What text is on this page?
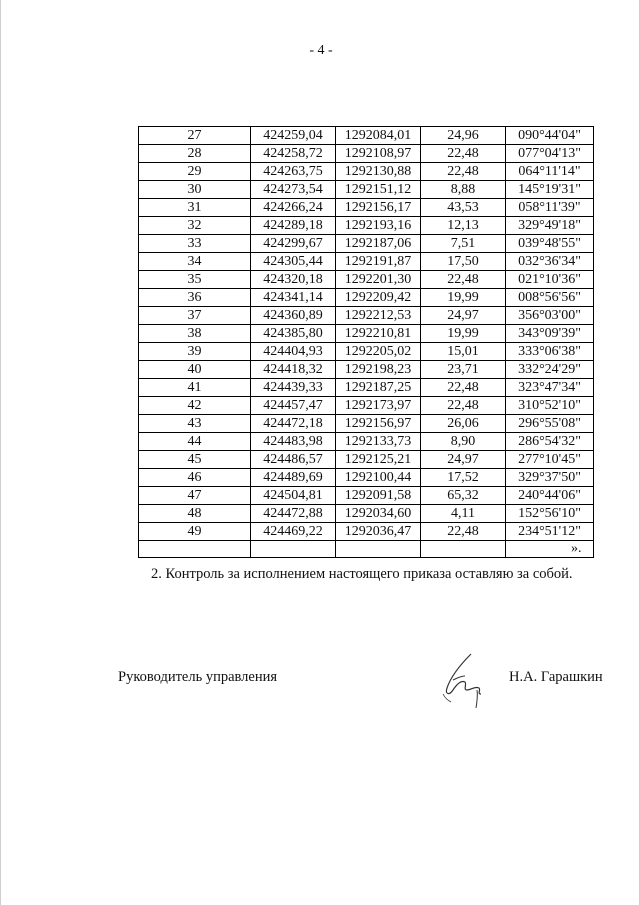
- 4 -
27	424259,04	1292084,01	24,96	090°44'04"
28	424258,72	1292108,97	22,48	077°04'13"
29	424263,75	1292130,88	22,48	064°11'14"
30	424273,54	1292151,12	8,88	145°19'31"
31	424266,24	1292156,17	43,53	058°11'39"
32	424289,18	1292193,16	12,13	329°49'18"
33	424299,67	1292187,06	7,51	039°48'55"
34	424305,44	1292191,87	17,50	032°36'34"
35	424320,18	1292201,30	22,48	021°10'36"
36	424341,14	1292209,42	19,99	008°56'56"
37	424360,89	1292212,53	24,97	356°03'00"
38	424385,80	1292210,81	19,99	343°09'39"
39	424404,93	1292205,02	15,01	333°06'38"
40	424418,32	1292198,23	23,71	332°24'29"
41	424439,33	1292187,25	22,48	323°47'34"
42	424457,47	1292173,97	22,48	310°52'10"
43	424472,18	1292156,97	26,06	296°55'08"
44	424483,98	1292133,73	8,90	286°54'32"
45	424486,57	1292125,21	24,97	277°10'45"
46	424489,69	1292100,44	17,52	329°37'50"
47	424504,81	1292091,58	65,32	240°44'06"
48	424472,88	1292034,60	4,11	152°56'10"
49	424469,22	1292036,47	22,48	234°51'12"

».
2. Контроль за исполнением настоящего приказа оставляю за собой.
Руководитель управления	Н.А. Гарашкин
